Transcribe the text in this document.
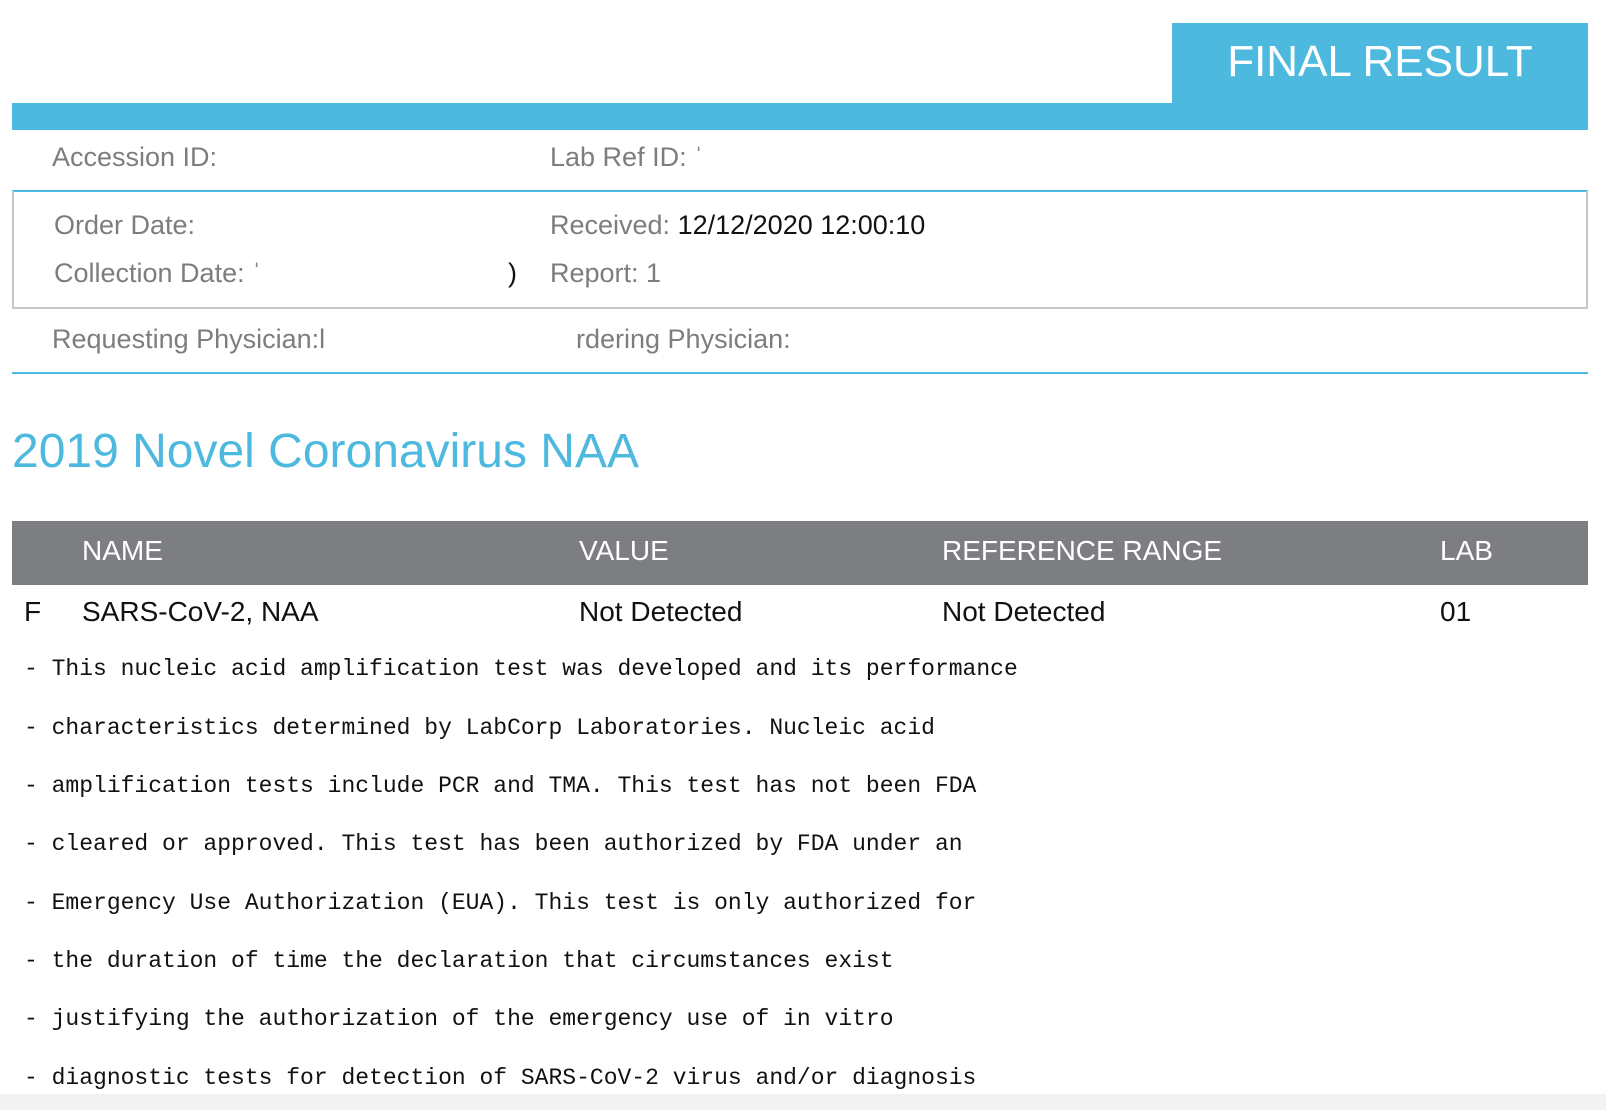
FINAL RESULT
Accession ID:	Lab Ref ID: ˈ
Order Date:	Received: 12/12/2020 12:00:10
Collection Date: ˈ	) Report: 1
Requesting Physician:l	rdering Physician:
2019 Novel Coronavirus NAA
NAME	VALUE	REFERENCE RANGE	LAB
F SARS-CoV-2, NAA	Not Detected	Not Detected	01
- This nucleic acid amplification test was developed and its performance
- characteristics determined by LabCorp Laboratories. Nucleic acid
- amplification tests include PCR and TMA. This test has not been FDA
- cleared or approved. This test has been authorized by FDA under an
- Emergency Use Authorization (EUA). This test is only authorized for
- the duration of time the declaration that circumstances exist
- justifying the authorization of the emergency use of in vitro
- diagnostic tests for detection of SARS-CoV-2 virus and/or diagnosis
